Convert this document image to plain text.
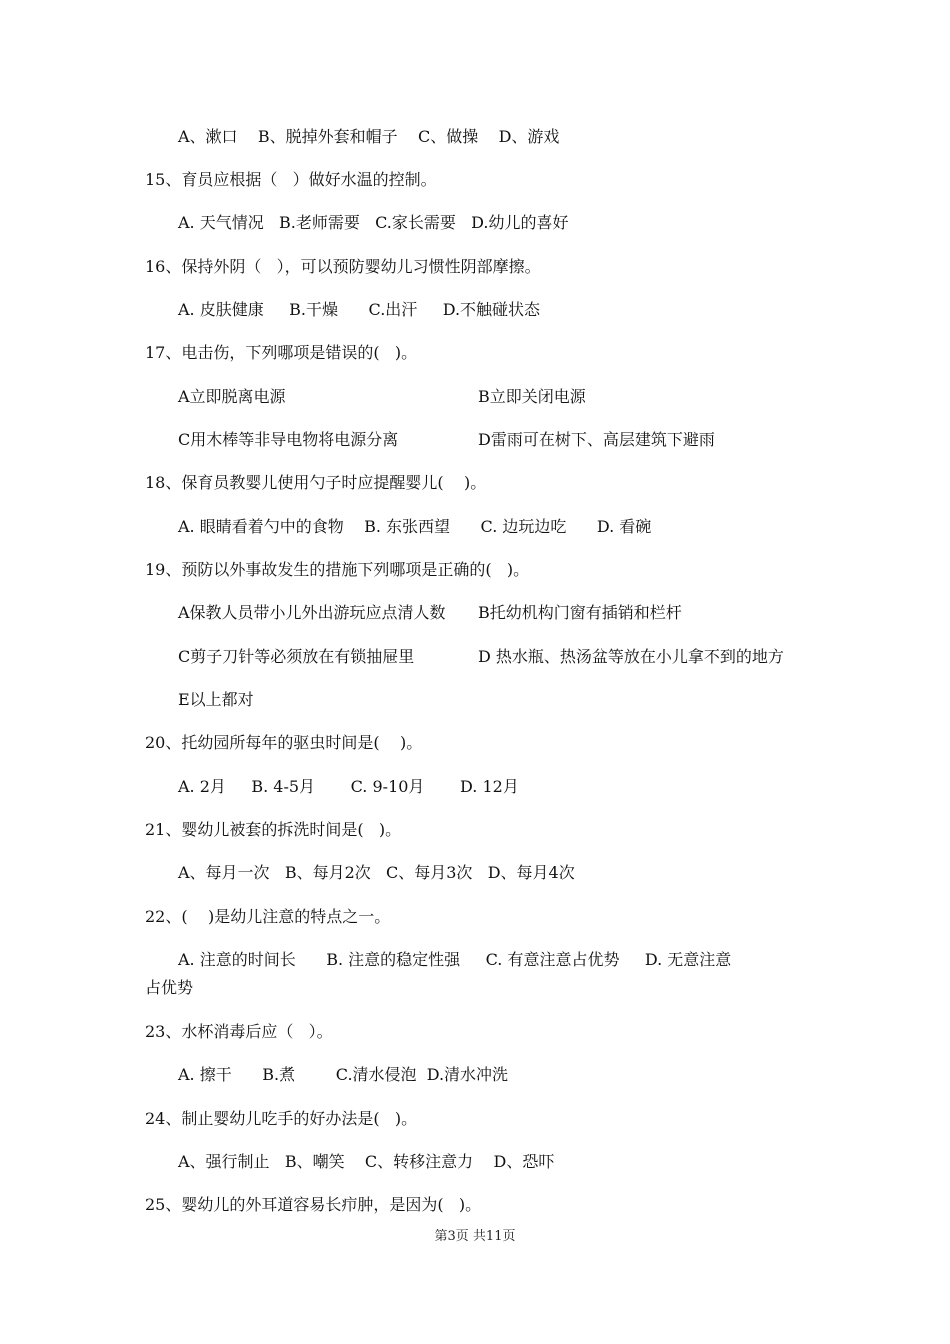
A、漱口    B、脱掉外套和帽子    C、做操    D、游戏
15、育员应根据（   ）做好水温的控制。
A. 天气情况   B.老师需要   C.家长需要   D.幼儿的喜好
16、保持外阴（   ），可以预防婴幼儿习惯性阴部摩擦。
A. 皮肤健康     B.干燥      C.出汗     D.不触碰状态
17、电击伤，下列哪项是错误的(   )。
A立即脱离电源	B立即关闭电源
C用木棒等非导电物将电源分离	D雷雨可在树下、高层建筑下避雨
18、保育员教婴儿使用勺子时应提醒婴儿(    )。
A. 眼睛看着勺中的食物    B. 东张西望      C. 边玩边吃      D. 看碗
19、预防以外事故发生的措施下列哪项是正确的(   )。
A保教人员带小儿外出游玩应点清人数 B托幼机构门窗有插销和栏杆
C剪子刀针等必须放在有锁抽屉里	D 热水瓶、热汤盆等放在小儿拿不到的地方
E以上都对
20、托幼园所每年的驱虫时间是(    )。
A. 2月     B. 4-5月       C. 9-10月       D. 12月
21、婴幼儿被套的拆洗时间是(   )。
A、每月一次   B、每月2次   C、每月3次   D、每月4次
22、(    )是幼儿注意的特点之一。
A. 注意的时间长      B. 注意的稳定性强     C. 有意注意占优势     D. 无意注意
占优势
23、水杯消毒后应（   ）。
A. 擦干      B.煮        C.清水侵泡  D.清水冲洗
24、制止婴幼儿吃手的好办法是(   )。
A、强行制止   B、嘲笑    C、转移注意力    D、恐吓
25、婴幼儿的外耳道容易长疖肿，是因为(   )。
第3页 共11页
